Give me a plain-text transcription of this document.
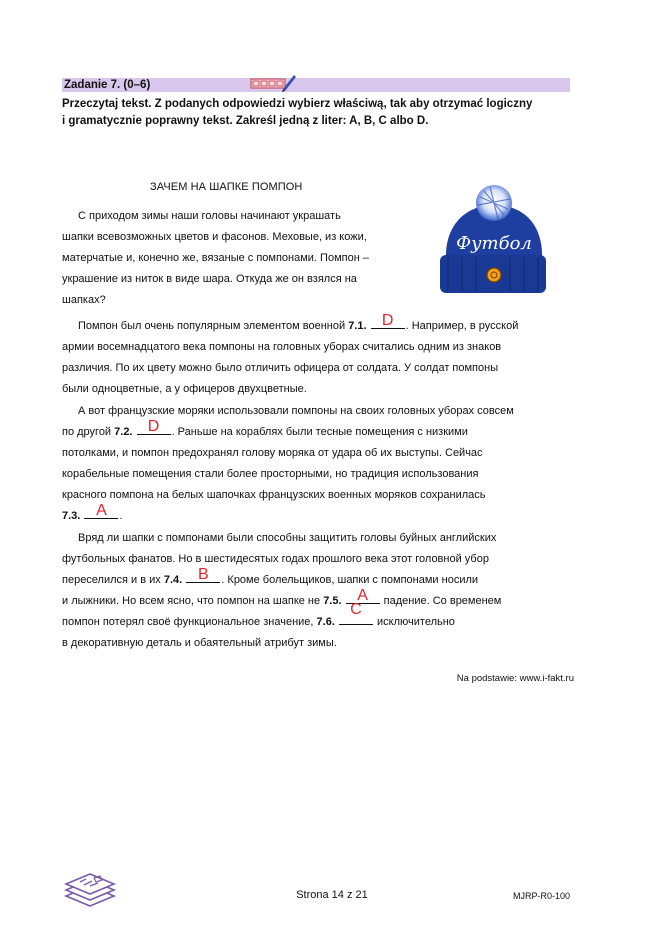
Zadanie 7. (0–6)
Przeczytaj tekst. Z podanych odpowiedzi wybierz właściwą, tak aby otrzymać logiczny
i gramatycznie poprawny tekst. Zakreśl jedną z liter: A, B, C albo D.
ЗАЧЕМ НА ШАПКЕ ПОМПОН
Футбол
С приходом зимы наши головы начинают украшать
шапки всевозможных цветов и фасонов. Меховые, из кожи,
матерчатые и, конечно же, вязаные с помпонами. Помпон –
украшение из ниток в виде шара. Откуда же он взялся на
шапках?
Помпон был очень популярным элементом военной 7.1. D . Например, в русской
армии восемнадцатого века помпоны на головных уборах считались одним из знаков
различия. По их цвету можно было отличить офицера от солдата. У солдат помпоны
были одноцветные, а у офицеров двухцветные.
А вот французские моряки использовали помпоны на своих головных уборах совсем
по другой 7.2. D . Раньше на кораблях были тесные помещения с низкими
потолками, и помпон предохранял голову моряка от удара об их выступы. Сейчас
корабельные помещения стали более просторными, но традиция использования
красного помпона на белых шапочках французских военных моряков сохранилась
7.3. A .
Вряд ли шапки с помпонами были способны защитить головы буйных английских
футбольных фанатов. Но в шестидесятых годах прошлого века этот головной убор
переселился и в их 7.4. B . Кроме болельщиков, шапки с помпонами носили
и лыжники. Но всем ясно, что помпон на шапке не 7.5. A падение. Со временем
помпон потерял своё функциональное значение, 7.6.
C
исключительно
в декоративную деталь и обаятельный атрибут зимы.
Na podstawie: www.i-fakt.ru
Strona 14 z 21	MJRP-R0-100
